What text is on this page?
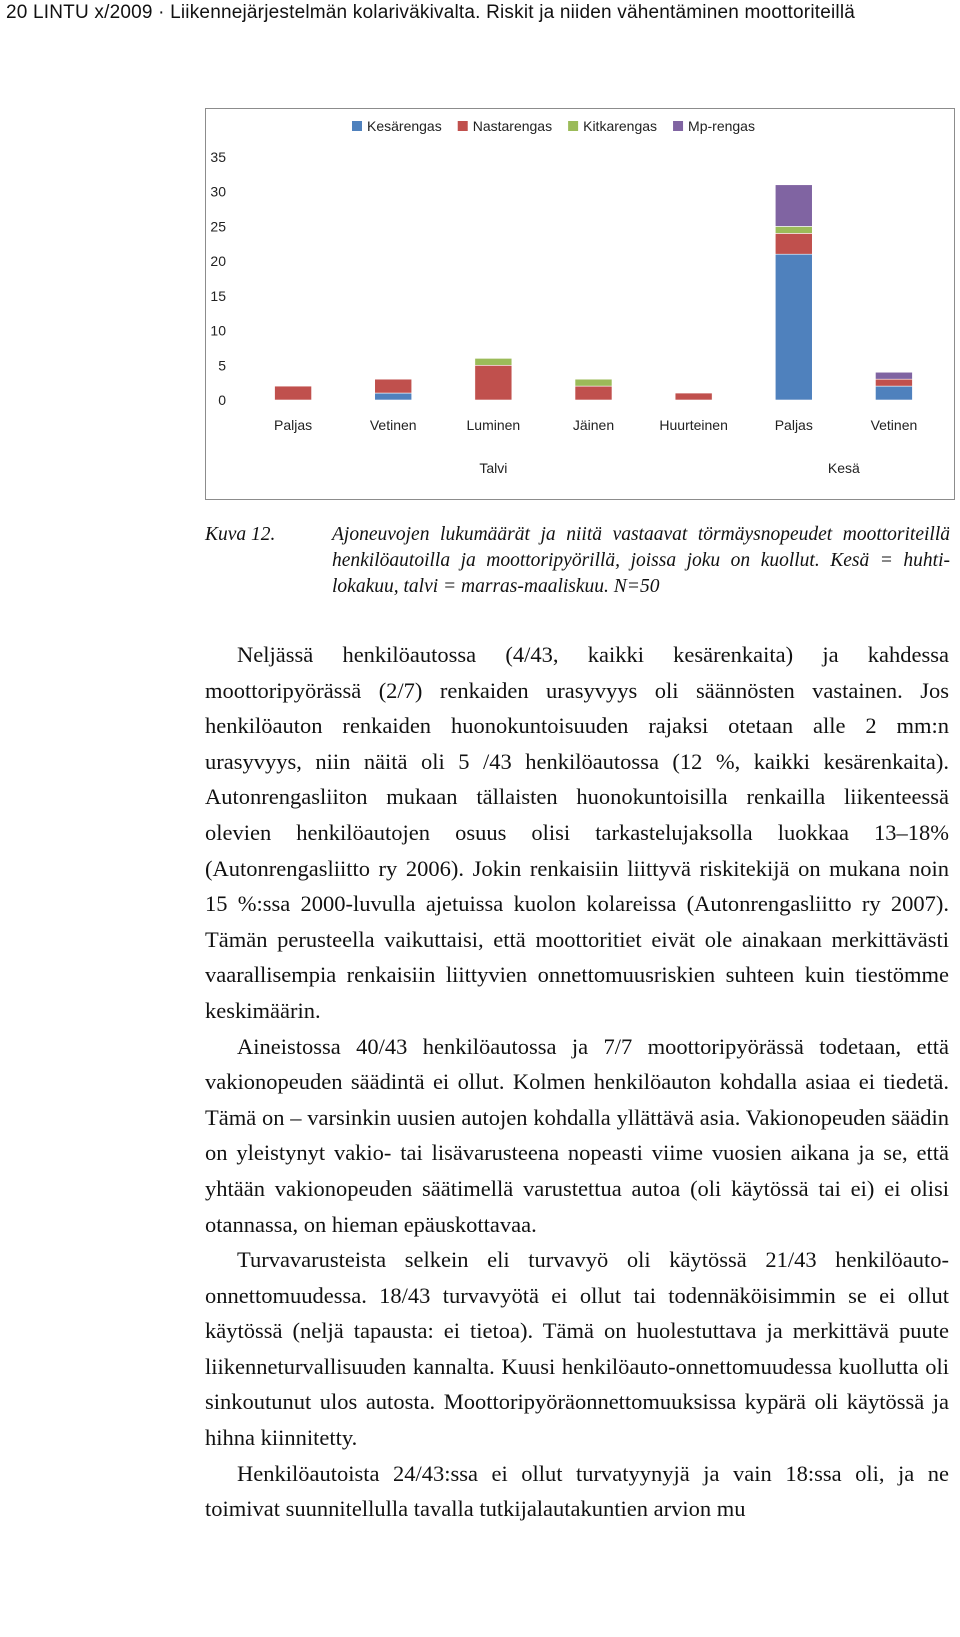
20 LINTU x/2009 · Liikennejärjestelmän kolariväkivalta. Riskit ja niiden vähentäminen moottoriteillä
0
5
10
15
20
25
30
35
Paljas	Vetinen	Luminen	Jäinen	Huurteinen	Paljas	Vetinen
Talvi	Kesä
Kesärengas Nastarengas Kitkarengas Mp-rengas
Kuva 12.	Ajoneuvojen lukumäärät ja niitä vastaavat törmäysnopeudet moottoriteillä henkilöautoilla ja moottoripyörillä, joissa joku on kuollut. Kesä = huhti-lokakuu, talvi = marras-maaliskuu. N=50

Neljässä henkilöautossa (4/43, kaikki kesärenkaita) ja kahdessa moottoripyörässä (2/7) renkaiden urasyvyys oli säännösten vastainen. Jos henkilöauton renkaiden huonokuntoisuuden rajaksi otetaan alle 2 mm:n urasyvyys, niin näitä oli 5 /43 henkilöautossa (12 %, kaikki kesärenkaita). Autonrengasliiton mukaan tällaisten huonokuntoisilla renkailla liikenteessä olevien henkilöautojen osuus olisi tarkastelujaksolla luokkaa 13–18% (Autonrengasliitto ry 2006). Jokin renkaisiin liittyvä riskitekijä on mukana noin 15 %:ssa 2000-luvulla ajetuissa kuolon kolareissa (Autonrengasliitto ry 2007). Tämän perusteella vaikuttaisi, että moottoritiet eivät ole ainakaan merkittävästi vaarallisempia renkaisiin liittyvien onnettomuusriskien suhteen kuin tiestömme keskimäärin.

Aineistossa 40/43 henkilöautossa ja 7/7 moottoripyörässä todetaan, että vakionopeuden säädintä ei ollut. Kolmen henkilöauton kohdalla asiaa ei tiedetä. Tämä on – varsinkin uusien autojen kohdalla yllättävä asia. Vakionopeuden säädin on yleistynyt vakio- tai lisävarusteena nopeasti viime vuosien aikana ja se, että yhtään vakionopeuden säätimellä varustettua autoa (oli käytössä tai ei) ei olisi otannassa, on hieman epäuskottavaa.

Turvavarusteista selkein eli turvavyö oli käytössä 21/43 henkilöauto-onnettomuudessa. 18/43 turvavyötä ei ollut tai todennäköisimmin se ei ollut käytössä (neljä tapausta: ei tietoa). Tämä on huolestuttava ja merkittävä puute liikenneturvallisuuden kannalta. Kuusi henkilöauto-onnettomuudessa kuollutta oli sinkoutunut ulos autosta. Moottoripyöräonnettomuuksissa kypärä oli käytössä ja hihna kiinnitetty.

Henkilöautoista 24/43:ssa ei ollut turvatyynyjä ja vain 18:ssa oli, ja ne toimivat suunnitellulla tavalla tutkijalautakuntien arvion mu
